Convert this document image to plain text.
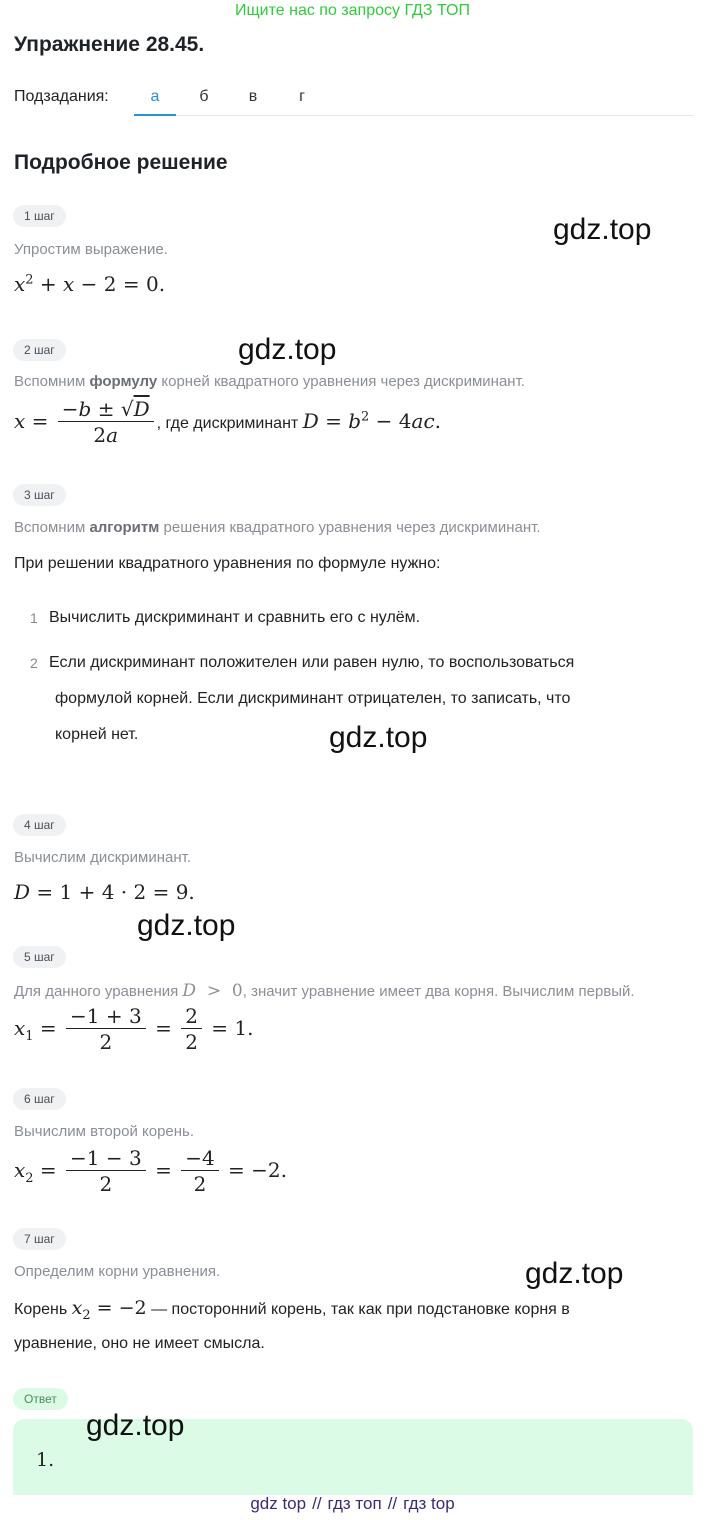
Ищите нас по запросу ГДЗ ТОП
Упражнение 28.45.
Подзадания:	а	б	в	г
Подробное решение
1 шаг
Упростим выражение.
$x^2 + x - 2 = 0$.
2 шаг
Вспомним формулу корней квадратного уравнения через дискриминант.
$x = \frac{-b \pm √D}{2a}$ , где дискриминант $D = b^2 - 4ac$.
3 шаг
Вспомним алгоритм решения квадратного уравнения через дискриминант.
При решении квадратного уравнения по формуле нужно:
1 Вычислить дискриминант и сравнить его с нулём.
2 Если дискриминант положителен или равен нулю, то воспользоваться
формулой корней. Если дискриминант отрицателен, то записать, что
корней нет.
4 шаг
Вычислим дискриминант.
D = 1 + 4 · 2 = 9.
5 шаг
Для данного уравнения D  >  0, значит уравнение имеет два корня. Вычислим первый.
$x_1 = \frac{-1 + 3}{2} = \frac{2}{2} = 1$.
6 шаг
Вычислим второй корень.
$x_2 = \frac{-1 - 3}{2} = \frac{-4}{2} = -2$.
7 шаг
Определим корни уравнения.
Корень $x_2 = -2$ — посторонний корень, так как при подстановке корня в
уравнение, оно не имеет смысла.
Ответ
1.
gdz.top
gdz.top
gdz.top
gdz.top
gdz.top
gdz.top
gdz top // гдз топ // гдз top
